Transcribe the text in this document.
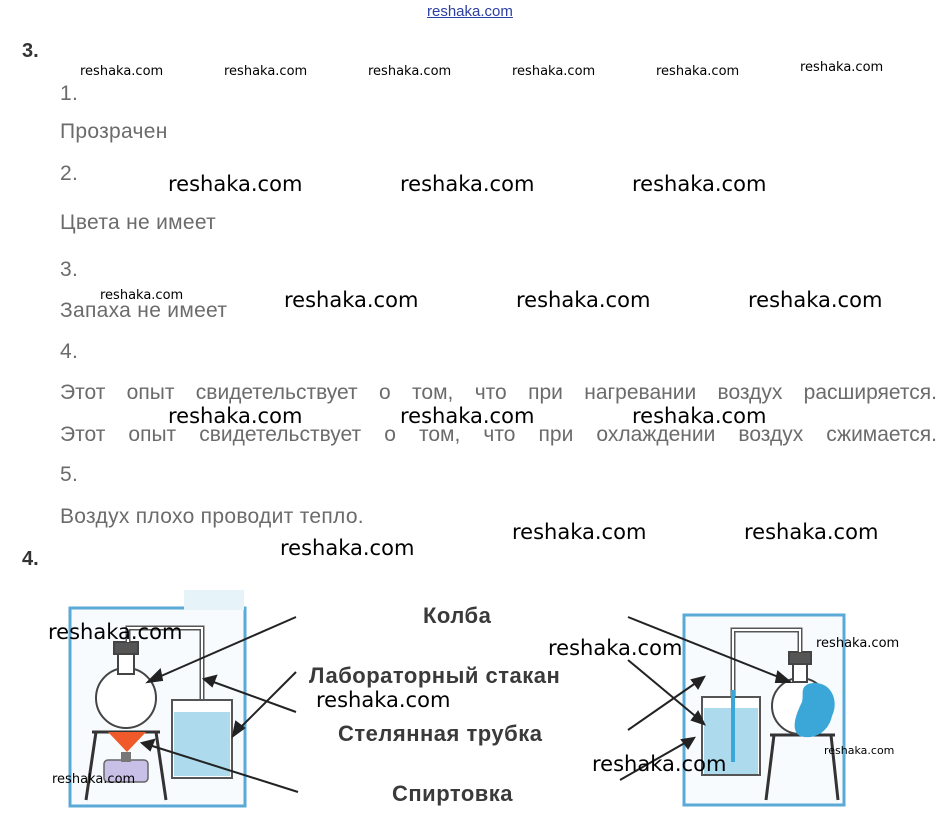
reshaka.com
3.
1.
Прозрачен
2.
Цвета не имеет
3.
Запаха не имеет
4.
Этот опыт свидетельствует о том, что при нагревании воздух расширяется.
Этот опыт свидетельствует о том, что при охлаждении воздух сжимается.
5.
Воздух плохо проводит тепло.
4.
Колба
Лабораторный стакан
Стелянная трубка
Спиртовка
reshaka.com	reshaka.com	reshaka.com	reshaka.com	reshaka.com	reshaka.com
reshaka.com	reshaka.com	reshaka.com
reshaka.com	reshaka.com	reshaka.com	reshaka.com
reshaka.com	reshaka.com	reshaka.com
reshaka.com	reshaka.com
reshaka.com
reshaka.com
reshaka.com	reshaka.com
reshaka.com
reshaka.com
reshaka.com
reshaka.com
